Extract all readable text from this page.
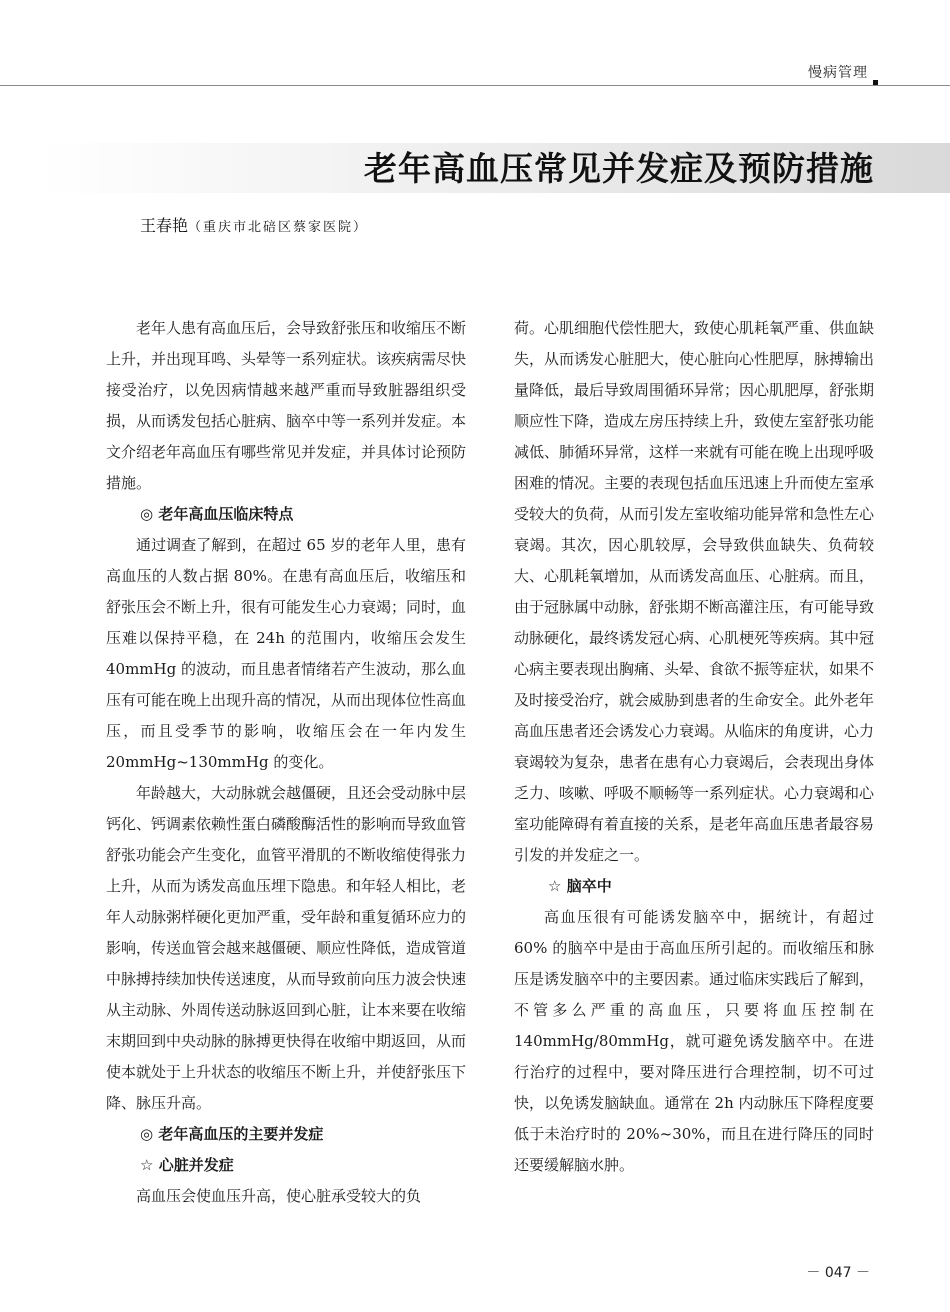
慢病管理
老年高血压常见并发症及预防措施
王春艳（重庆市北碚区蔡家医院）

老年人患有高血压后，会导致舒张压和收缩压不断上升，并出现耳鸣、头晕等一系列症状。该疾病需尽快接受治疗，以免因病情越来越严重而导致脏器组织受损，从而诱发包括心脏病、脑卒中等一系列并发症。本文介绍老年高血压有哪些常见并发症，并具体讨论预防措施。

◎ 老年高血压临床特点

通过调查了解到，在超过 65 岁的老年人里，患有高血压的人数占据 80%。在患有高血压后，收缩压和舒张压会不断上升，很有可能发生心力衰竭；同时，血压难以保持平稳，在 24h 的范围内，收缩压会发生 40mmHg 的波动，而且患者情绪若产生波动，那么血压有可能在晚上出现升高的情况，从而出现体位性高血压，而且受季节的影响，收缩压会在一年内发生 20mmHg~130mmHg 的变化。

年龄越大，大动脉就会越僵硬，且还会受动脉中层钙化、钙调素依赖性蛋白磷酸酶活性的影响而导致血管舒张功能会产生变化，血管平滑肌的不断收缩使得张力上升，从而为诱发高血压埋下隐患。和年轻人相比，老年人动脉粥样硬化更加严重，受年龄和重复循环应力的影响，传送血管会越来越僵硬、顺应性降低，造成管道中脉搏持续加快传送速度，从而导致前向压力波会快速从主动脉、外周传送动脉返回到心脏，让本来要在收缩末期回到中央动脉的脉搏更快得在收缩中期返回，从而使本就处于上升状态的收缩压不断上升，并使舒张压下降、脉压升高。

◎ 老年高血压的主要并发症
☆ 心脏并发症

高血压会使血压升高，使心脏承受较大的负

荷。心肌细胞代偿性肥大，致使心肌耗氧严重、供血缺失，从而诱发心脏肥大，使心脏向心性肥厚，脉搏输出量降低，最后导致周围循环异常；因心肌肥厚，舒张期顺应性下降，造成左房压持续上升，致使左室舒张功能减低、肺循环异常，这样一来就有可能在晚上出现呼吸困难的情况。主要的表现包括血压迅速上升而使左室承受较大的负荷，从而引发左室收缩功能异常和急性左心衰竭。其次，因心肌较厚，会导致供血缺失、负荷较大、心肌耗氧增加，从而诱发高血压、心脏病。而且，由于冠脉属中动脉，舒张期不断高灌注压，有可能导致动脉硬化，最终诱发冠心病、心肌梗死等疾病。其中冠心病主要表现出胸痛、头晕、食欲不振等症状，如果不及时接受治疗，就会威胁到患者的生命安全。此外老年高血压患者还会诱发心力衰竭。从临床的角度讲，心力衰竭较为复杂，患者在患有心力衰竭后，会表现出身体乏力、咳嗽、呼吸不顺畅等一系列症状。心力衰竭和心室功能障碍有着直接的关系，是老年高血压患者最容易引发的并发症之一。

☆ 脑卒中

高血压很有可能诱发脑卒中，据统计，有超过 60% 的脑卒中是由于高血压所引起的。而收缩压和脉压是诱发脑卒中的主要因素。通过临床实践后了解到，不管多么严重的高血压，只要将血压控制在 140mmHg/80mmHg，就可避免诱发脑卒中。在进行治疗的过程中，要对降压进行合理控制，切不可过快，以免诱发脑缺血。通常在 2h 内动脉压下降程度要低于未治疗时的 20%~30%，而且在进行降压的同时还要缓解脑水肿。

－ 047 －
